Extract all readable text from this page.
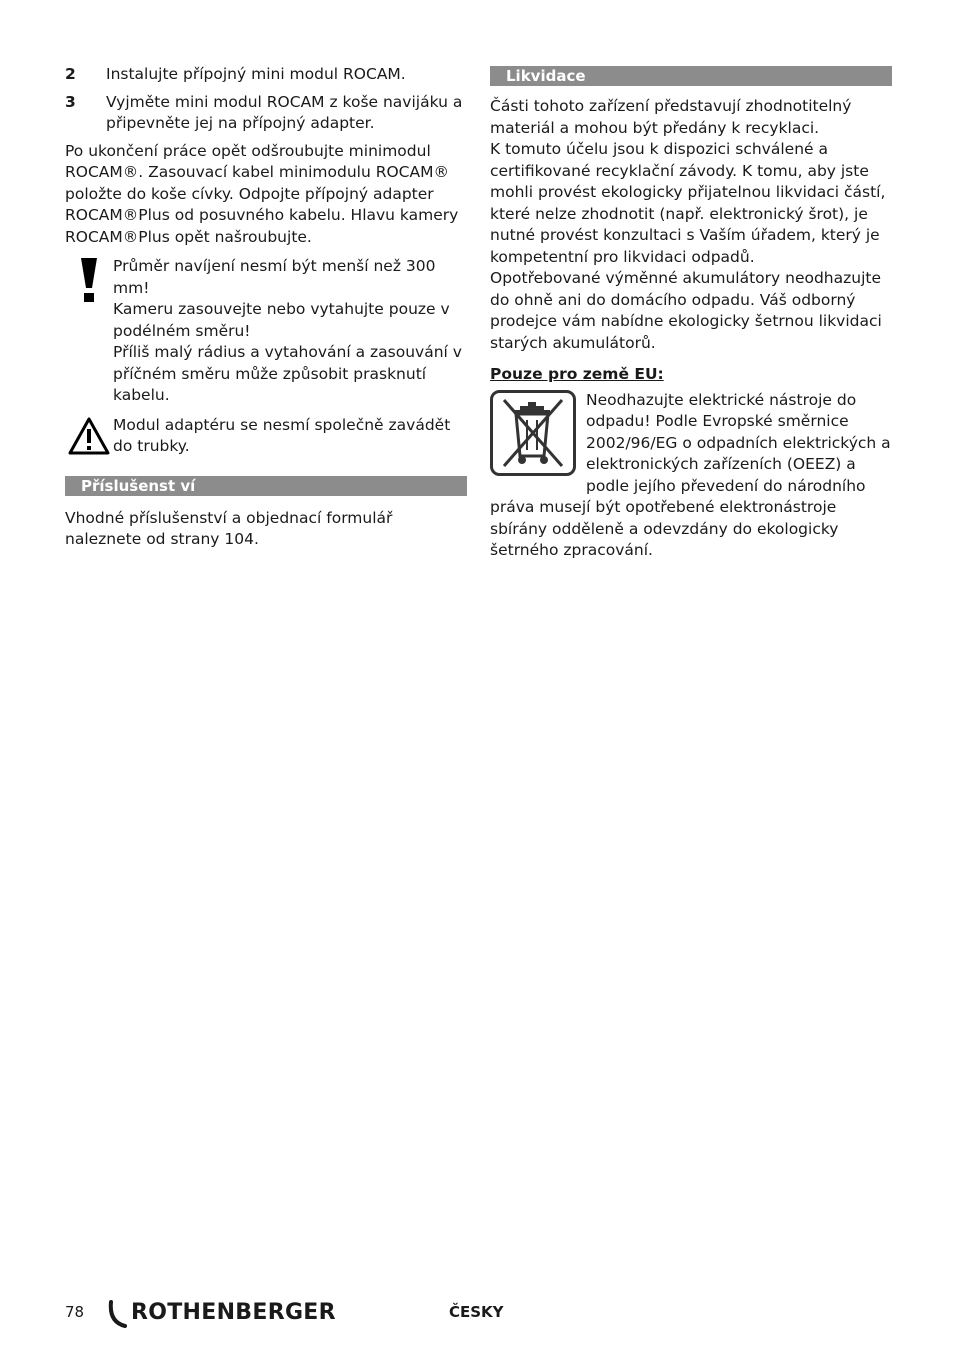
2	Instalujte přípojný mini modul ROCAM.
3	Vyjměte mini modul ROCAM z koše navijáku a připevněte jej na přípojný adapter.

Po ukončení práce opět odšroubujte minimodul ROCAM®. Zasouvací kabel minimodulu ROCAM® položte do koše cívky. Odpojte přípojný adapter ROCAM®Plus od posuvného kabelu. Hlavu kamery ROCAM®Plus opět našroubujte.

Průměr navíjení nesmí být menší než 300 mm!
Kameru zasouvejte nebo vytahujte pouze v podélném směru!
Příliš malý rádius a vytahování a zasouvání v příčném směru může způsobit prasknutí kabelu.
Modul adaptéru se nesmí společně zavádět do trubky.
Příslušenst ví

Vhodné příslušenství a objednací formulář naleznete od strany 104.

Likvidace
Části tohoto zařízení představují zhodnotitelný materiál a mohou být předány k recyklaci.
K tomuto účelu jsou k dispozici schválené a certifikované recyklační závody. K tomu, aby jste mohli provést ekologicky přijatelnou likvidaci částí, které nelze zhodnotit (např. elektronický šrot), je nutné provést konzultaci s Vaším úřadem, který je kompetentní pro likvidaci odpadů.
Opotřebované výměnné akumulátory neodhazujte do ohně ani do domácího odpadu. Váš odborný prodejce vám nabídne ekologicky šetrnou likvidaci starých akumulátorů.
Pouze pro země EU:
Neodhazujte elektrické nástroje do odpadu! Podle Evropské směrnice 2002/96/EG o odpadních elektrických a elektronických zařízeních (OEEZ) a podle jejího převedení do národního práva musejí být opotřebené elektronástroje sbírány odděleně a odevzdány do ekologicky šetrného zpracování.
78 ROTHENBERGER	ČESKY
